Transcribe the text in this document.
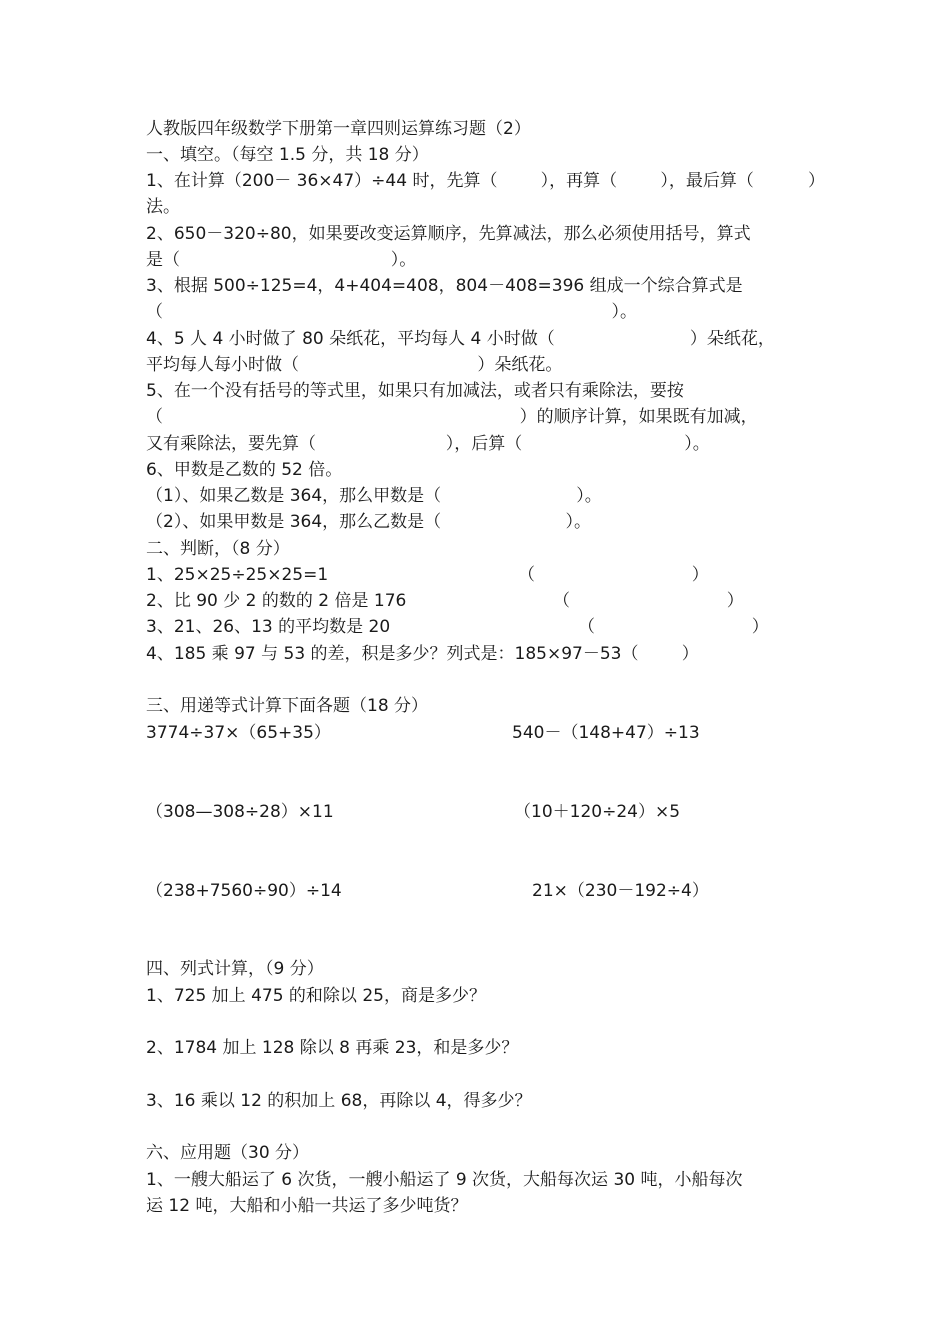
人教版四年级数学下册第一章四则运算练习题（2）
一、填空。（每空 1.5 分，共 18 分）
1、在计算（200－ 36×47）÷44 时，先算（        ），再算（        ），最后算（          ）
法。
2、650－320÷80，如果要改变运算顺序，先算减法，那么必须使用括号，算式
是（                                       ）。
3、根据 500÷125=4，4+404=408，804－408=396 组成一个综合算式是
（                                                                                   ）。
4、5 人 4 小时做了 80 朵纸花，平均每人 4 小时做（                         ）朵纸花，
平均每人每小时做（                                 ）朵纸花。
5、在一个没有括号的等式里，如果只有加减法，或者只有乘除法，要按
（                                                                  ）的顺序计算，如果既有加减，
又有乘除法，要先算（                        ），后算（                              ）。
6、甲数是乙数的 52 倍。
（1）、如果乙数是 364，那么甲数是（                         ）。
（2）、如果甲数是 364，那么乙数是（                       ）。
二、判断，（8 分）
1、25×25÷25×25=1	（                             ）
2、比 90 少 2 的数的 2 倍是 176	（                             ）
3、21、26、13 的平均数是 20	（                             ）
4、185 乘 97 与 53 的差，积是多少？列式是：185×97－53（        ）
三、用递等式计算下面各题（18 分）
3774÷37×（65+35）	540－（148+47）÷13
（308—308÷28）×11	（10＋120÷24）×5
（238+7560÷90）÷14	21×（230－192÷4）
四、列式计算，（9 分）
1、725 加上 475 的和除以 25，商是多少？
2、1784 加上 128 除以 8 再乘 23，和是多少？
3、16 乘以 12 的积加上 68，再除以 4，得多少？
六、应用题（30 分）
1、一艘大船运了 6 次货，一艘小船运了 9 次货，大船每次运 30 吨，小船每次
运 12 吨，大船和小船一共运了多少吨货？
